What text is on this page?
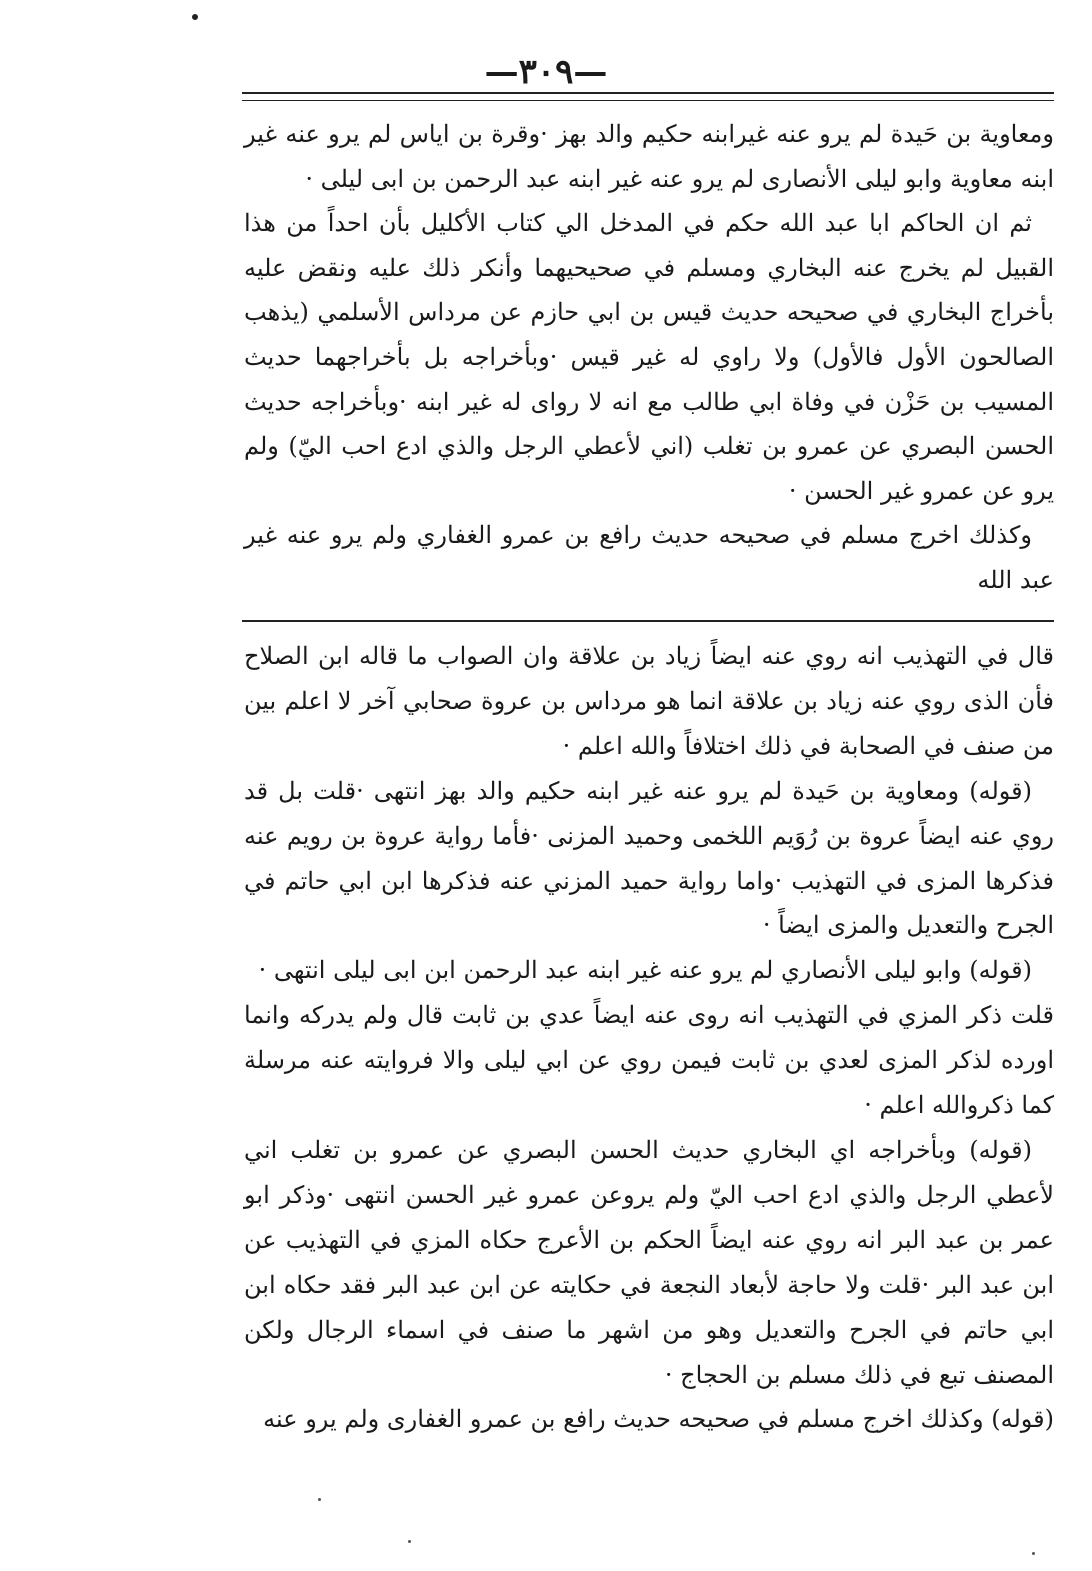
—٣٠٩—

ومعاوية بن حَيدة لم يرو عنه غيرابنه حكيم والد بهز ·وقرة بن اياس لم يرو عنه غير ابنه معاوية وابو ليلى الأنصارى لم يرو عنه غير ابنه عبد الرحمن بن ابى ليلى ·

ثم ان الحاكم ابا عبد الله حكم في المدخل الي كتاب الأكليل بأن احداً من هذا القبيل لم يخرج عنه البخاري ومسلم في صحيحيهما وأنكر ذلك عليه ونقض عليه بأخراج البخاري في صحيحه حديث قيس بن ابي حازم عن مرداس الأسلمي (يذهب الصالحون الأول فالأول) ولا راوي له غير قيس ·وبأخراجه بل بأخراجهما حديث المسيب بن حَزْن في وفاة ابي طالب مع انه لا رواى له غير ابنه ·وبأخراجه حديث الحسن البصري عن عمرو بن تغلب (اني لأعطي الرجل والذي ادع احب اليّ) ولم يرو عن عمرو غير الحسن ·

وكذلك اخرج مسلم في صحيحه حديث رافع بن عمرو الغفاري ولم يرو عنه غير عبد الله

قال في التهذيب انه روي عنه ايضاً زياد بن علاقة وان الصواب ما قاله ابن الصلاح فأن الذى روي عنه زياد بن علاقة انما هو مرداس بن عروة صحابي آخر لا اعلم بين من صنف في الصحابة في ذلك اختلافاً والله اعلم ·

(قوله) ومعاوية بن حَيدة لم يرو عنه غير ابنه حكيم والد بهز انتهى ·قلت بل قد روي عنه ايضاً عروة بن رُوَيم اللخمى وحميد المزنى ·فأما رواية عروة بن رويم عنه فذكرها المزى في التهذيب ·واما رواية حميد المزني عنه فذكرها ابن ابي حاتم في الجرح والتعديل والمزى ايضاً ·

(قوله) وابو ليلى الأنصاري لم يرو عنه غير ابنه عبد الرحمن ابن ابى ليلى انتهى ·

قلت ذكر المزي في التهذيب انه روى عنه ايضاً عدي بن ثابت قال ولم يدركه وانما اورده لذكر المزى لعدي بن ثابت فيمن روي عن ابي ليلى والا فروايته عنه مرسلة كما ذكروالله اعلم ·

(قوله) وبأخراجه اي البخاري حديث الحسن البصري عن عمرو بن تغلب اني لأعطي الرجل والذي ادع احب اليّ ولم يروعن عمرو غير الحسن انتهى ·وذكر ابو عمر بن عبد البر انه روي عنه ايضاً الحكم بن الأعرج حكاه المزي في التهذيب عن ابن عبد البر ·قلت ولا حاجة لأبعاد النجعة في حكايته عن ابن عبد البر فقد حكاه ابن ابي حاتم في الجرح والتعديل وهو من اشهر ما صنف في اسماء الرجال ولكن المصنف تبع في ذلك مسلم بن الحجاج ·

(قوله) وكذلك اخرج مسلم في صحيحه حديث رافع بن عمرو الغفارى ولم يرو عنه
